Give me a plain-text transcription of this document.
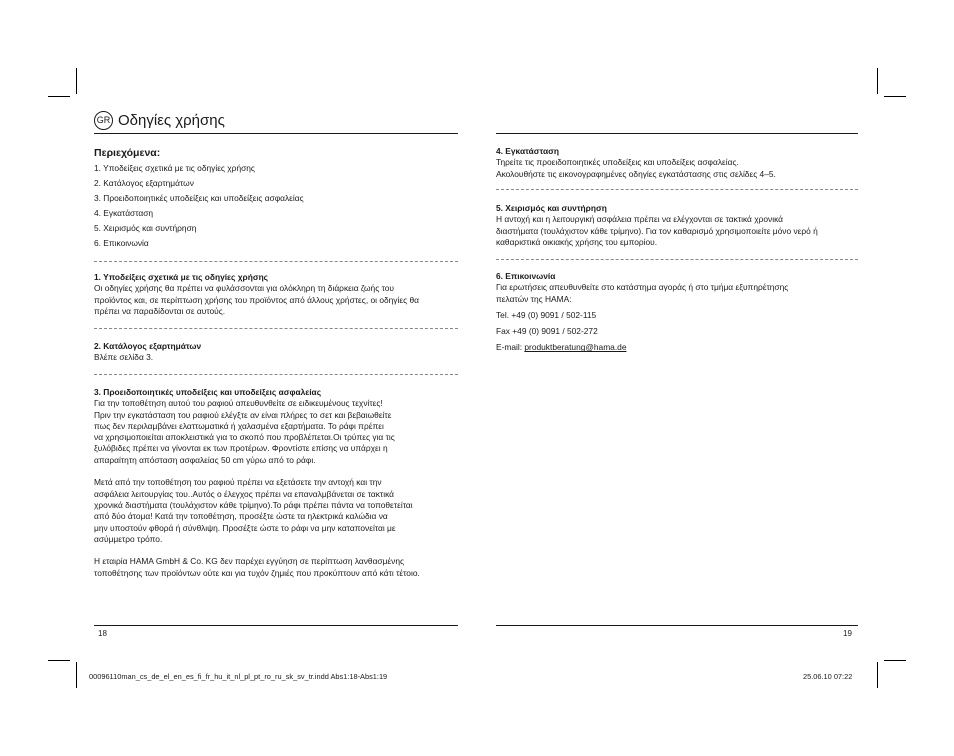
GR Οδηγίες χρήσης
Περιεχόμενα:
1. Υποδείξεις σχετικά με τις οδηγίες χρήσης
2. Κατάλογος εξαρτημάτων
3. Προειδοποιητικές υποδείξεις και υποδείξεις ασφαλείας
4. Εγκατάσταση
5. Χειρισμός και συντήρηση
6. Επικοινωνία

1. Υποδείξεις σχετικά με τις οδηγίες χρήσης

Οι οδηγίες χρήσης θα πρέπει να φυλάσσονται για ολόκληρη τη διάρκεια ζωής του

προϊόντος και, σε περίπτωση χρήσης του προϊόντος από άλλους χρήστες, οι οδηγίες θα

πρέπει να παραδίδονται σε αυτούς.

2. Κατάλογος εξαρτημάτων

Βλέπε σελίδα 3.

3. Προειδοποιητικές υποδείξεις και υποδείξεις ασφαλείας

Για την τοποθέτηση αυτού του ραφιού απευθυνθείτε σε ειδικευμένους τεχνίτες!

Πριν την εγκατάσταση του ραφιού ελέγξτε αν είναι πλήρες το σετ και βεβαιωθείτε

πως δεν περιλαμβάνει ελαττωματικά ή χαλασμένα εξαρτήματα. Το ράφι πρέπει

να χρησιμοποιείται αποκλειστικά για το σκοπό που προβλέπεται.Οι τρύπες για τις

ξυλόβιδες πρέπει να γίνονται εκ των προτέρων. Φροντίστε επίσης να υπάρχει η

απαραίτητη απόσταση ασφαλείας 50 cm γύρω από το ράφι.

Μετά από την τοποθέτηση του ραφιού πρέπει να εξετάσετε την αντοχή και την

ασφάλεια λειτουργίας του..Αυτός ο έλεγχος πρέπει να επαναλμβάνεται σε τακτικά

χρονικά διαστήματα (τουλάχιστον κάθε τρίμηνο).Το ράφι πρέπει πάντα να τοποθετείται

από δύο άτομα! Κατά την τοποθέτηση, προσέξτε ώστε τα ηλεκτρικά καλώδια να

μην υποστούν φθορά ή σύνθλιψη. Προσέξτε ώστε το ράφι να μην καταπονείται με

ασύμμετρο τρόπο.

Η εταιρία HAMA GmbH & Co. KG δεν παρέχει εγγύηση σε περίπτωση λανθασμένης

τοποθέτησης των προϊόντων ούτε και για τυχόν ζημιές που προκύπτουν από κάτι τέτοιο.

4. Εγκατάσταση

Τηρείτε τις προειδοποιητικές υποδείξεις και υποδείξεις ασφαλείας.

Ακολουθήστε τις εικονογραφημένες οδηγίες εγκατάστασης στις σελίδες 4–5.

5. Χειρισμός και συντήρηση

Η αντοχή και η λειτουργική ασφάλεια πρέπει να ελέγχονται σε τακτικά χρονικά

διαστήματα (τουλάχιστον κάθε τρίμηνο). Για τον καθαρισμό χρησιμοποιείτε μόνο νερό ή

καθαριστικά οικιακής χρήσης του εμπορίου.

6. Επικοινωνία

Για ερωτήσεις απευθυνθείτε στο κατάστημα αγοράς ή στο τμήμα εξυπηρέτησης

πελατών της HAMA:

Tel. +49 (0) 9091 / 502-115

Fax +49 (0) 9091 / 502-272

E-mail: produktberatung@hama.de

18	19
00096110man_cs_de_el_en_es_fi_fr_hu_it_nl_pl_pt_ro_ru_sk_sv_tr.indd Abs1:18-Abs1:19	25.06.10 07:22
